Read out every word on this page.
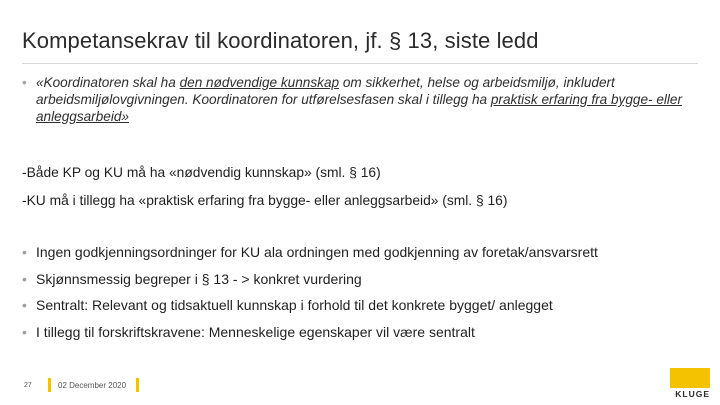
Kompetansekrav til koordinatoren, jf. § 13, siste ledd
• «Koordinatoren skal ha den nødvendige kunnskap om sikkerhet, helse og arbeidsmiljø, inkludert arbeidsmiljølovgivningen. Koordinatoren for utførelsesfasen skal i tillegg ha praktisk erfaring fra bygge- eller anleggsarbeid»
-Både KP og KU må ha «nødvendig kunnskap» (sml. § 16)
-KU må i tillegg ha «praktisk erfaring fra bygge- eller anleggsarbeid» (sml. § 16)
• Ingen godkjenningsordninger for KU ala ordningen med godkjenning av foretak/ansvarsrett
• Skjønnsmessig begreper i § 13 - > konkret vurdering
• Sentralt: Relevant og tidsaktuell kunnskap i forhold til det konkrete bygget/ anlegget
• I tillegg til forskriftskravene: Menneskelige egenskaper vil være sentralt
27	02 December 2020
KLUGE
